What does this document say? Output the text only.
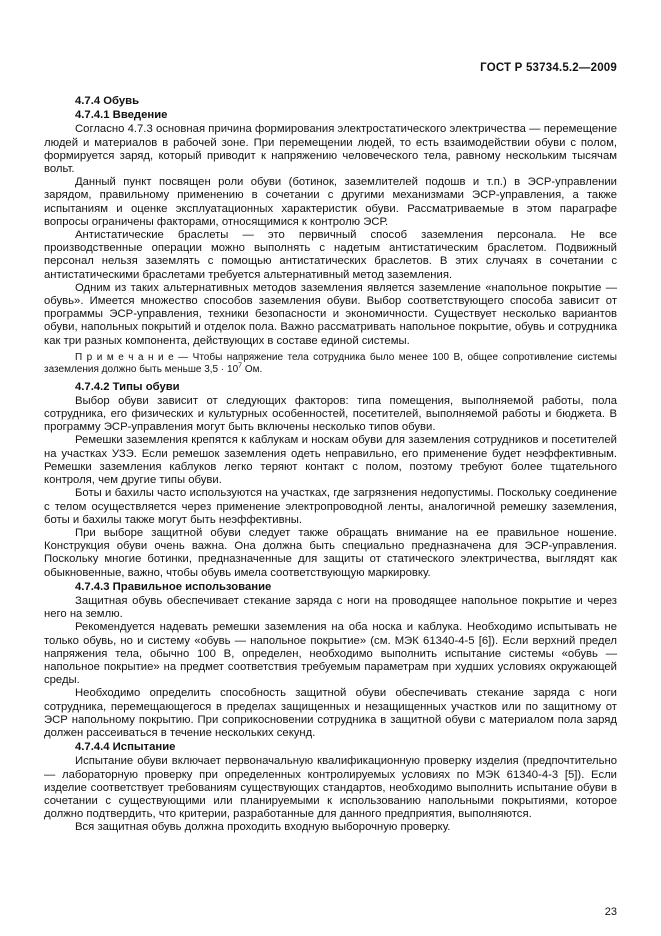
ГОСТ Р 53734.5.2—2009
4.7.4 Обувь
4.7.4.1 Введение

Согласно 4.7.3 основная причина формирования электростатического электричества — перемещение людей и материалов в рабочей зоне. При перемещении людей, то есть взаимодействии обуви с полом, формируется заряд, который приводит к напряжению человеческого тела, равному нескольким тысячам вольт.

Данный пункт посвящен роли обуви (ботинок, заземлителей подошв и т.п.) в ЭСР-управлении зарядом, правильному применению в сочетании с другими механизмами ЭСР-управления, а также испытаниям и оценке эксплуатационных характеристик обуви. Рассматриваемые в этом параграфе вопросы ограничены факторами, относящимися к контролю ЭСР.

Антистатические браслеты — это первичный способ заземления персонала. Не все производственные операции можно выполнять с надетым антистатическим браслетом. Подвижный персонал нельзя заземлять с помощью антистатических браслетов. В этих случаях в сочетании с антистатическими браслетами требуется альтернативный метод заземления.

Одним из таких альтернативных методов заземления является заземление «напольное покрытие — обувь». Имеется множество способов заземления обуви. Выбор соответствующего способа зависит от программы ЭСР-управления, техники безопасности и экономичности. Существует несколько вариантов обуви, напольных покрытий и отделок пола. Важно рассматривать напольное покрытие, обувь и сотрудника как три разных компонента, действующих в составе единой системы.

П р и м е ч а н и е — Чтобы напряжение тела сотрудника было менее 100 В, общее сопротивление системы заземления должно быть меньше $3,5 \cdot 10^7$ Ом.

4.7.4.2 Типы обуви

Выбор обуви зависит от следующих факторов: типа помещения, выполняемой работы, пола сотрудника, его физических и культурных особенностей, посетителей, выполняемой работы и бюджета. В программу ЭСР-управления могут быть включены несколько типов обуви.

Ремешки заземления крепятся к каблукам и носкам обуви для заземления сотрудников и посетителей на участках УЗЭ. Если ремешок заземления одеть неправильно, его применение будет неэффективным. Ремешки заземления каблуков легко теряют контакт с полом, поэтому требуют более тщательного контроля, чем другие типы обуви.

Боты и бахилы часто используются на участках, где загрязнения недопустимы. Поскольку соединение с телом осуществляется через применение электропроводной ленты, аналогичной ремешку заземления, боты и бахилы также могут быть неэффективны.

При выборе защитной обуви следует также обращать внимание на ее правильное ношение. Конструкция обуви очень важна. Она должна быть специально предназначена для ЭСР-управления. Поскольку многие ботинки, предназначенные для защиты от статического электричества, выглядят как обыкновенные, важно, чтобы обувь имела соответствующую маркировку.

4.7.4.3 Правильное использование

Защитная обувь обеспечивает стекание заряда с ноги на проводящее напольное покрытие и через него на землю.

Рекомендуется надевать ремешки заземления на оба носка и каблука. Необходимо испытывать не только обувь, но и систему «обувь — напольное покрытие» (см. МЭК 61340-4-5 [6]). Если верхний предел напряжения тела, обычно 100 В, определен, необходимо выполнить испытание системы «обувь — напольное покрытие» на предмет соответствия требуемым параметрам при худших условиях окружающей среды.

Необходимо определить способность защитной обуви обеспечивать стекание заряда с ноги сотрудника, перемещающегося в пределах защищенных и незащищенных участков или по защитному от ЭСР напольному покрытию. При соприкосновении сотрудника в защитной обуви с материалом пола заряд должен рассеиваться в течение нескольких секунд.

4.7.4.4 Испытание

Испытание обуви включает первоначальную квалификационную проверку изделия (предпочтительно — лабораторную проверку при определенных контролируемых условиях по МЭК 61340-4-3 [5]). Если изделие соответствует требованиям существующих стандартов, необходимо выполнить испытание обуви в сочетании с существующими или планируемыми к использованию напольными покрытиями, которое должно подтвердить, что критерии, разработанные для данного предприятия, выполняются.

Вся защитная обувь должна проходить входную выборочную проверку.

23
